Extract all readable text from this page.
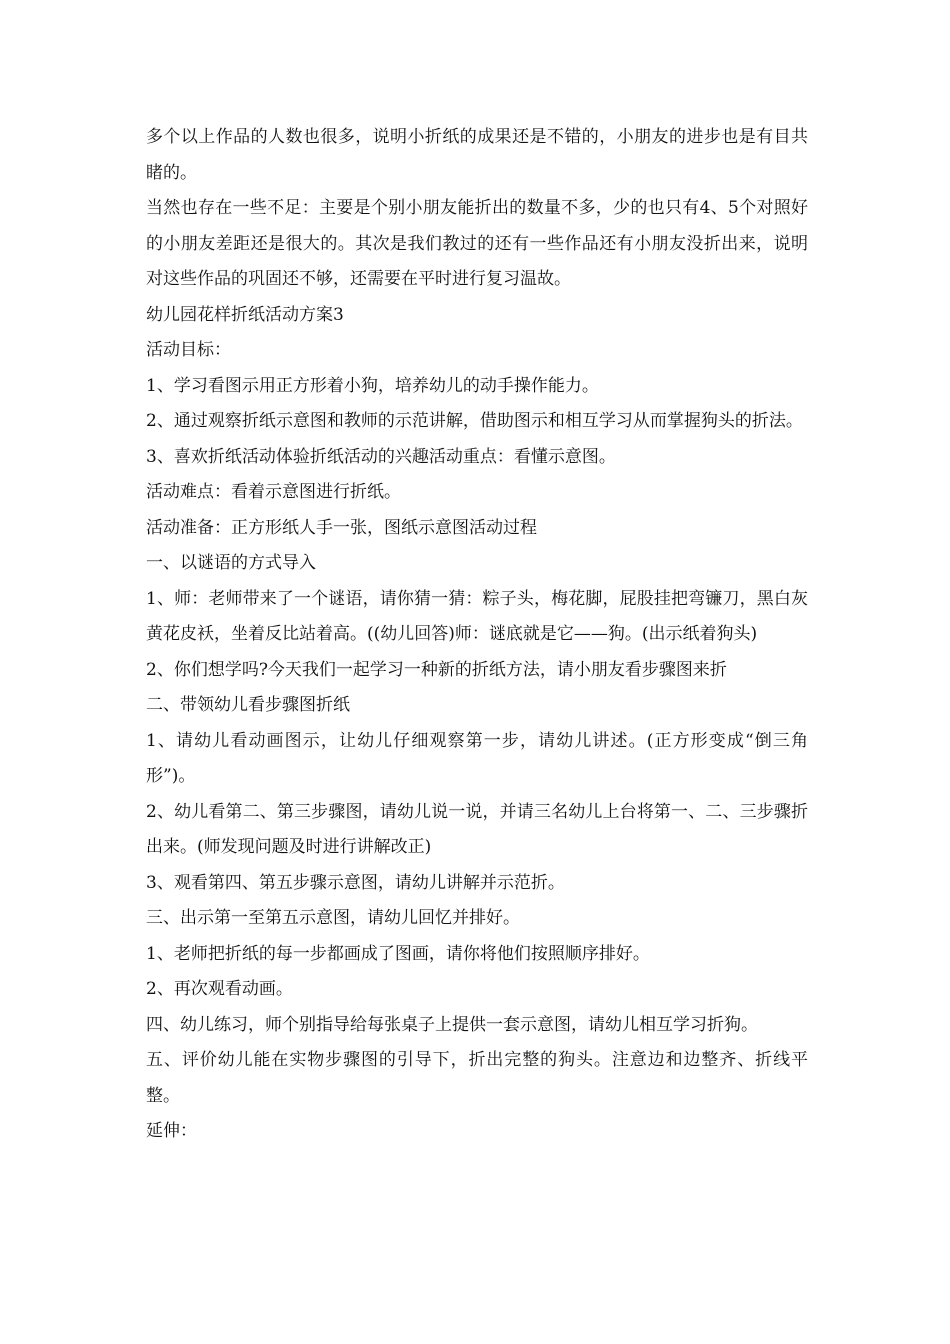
多个以上作品的人数也很多，说明小折纸的成果还是不错的，小朋友的进步也是有目共睹的。

当然也存在一些不足：主要是个别小朋友能折出的数量不多，少的也只有4、5个对照好的小朋友差距还是很大的。其次是我们教过的还有一些作品还有小朋友没折出来，说明对这些作品的巩固还不够，还需要在平时进行复习温故。

幼儿园花样折纸活动方案3

活动目标：

1、学习看图示用正方形着小狗，培养幼儿的动手操作能力。

2、通过观察折纸示意图和教师的示范讲解，借助图示和相互学习从而掌握狗头的折法。

3、喜欢折纸活动体验折纸活动的兴趣活动重点：看懂示意图。

活动难点：看着示意图进行折纸。

活动准备：正方形纸人手一张，图纸示意图活动过程

一、以谜语的方式导入

1、师：老师带来了一个谜语，请你猜一猜：粽子头，梅花脚，屁股挂把弯镰刀，黑白灰黄花皮袄，坐着反比站着高。((幼儿回答)师：谜底就是它——狗。(出示纸着狗头)

2、你们想学吗?今天我们一起学习一种新的折纸方法，请小朋友看步骤图来折

二、带领幼儿看步骤图折纸

1、请幼儿看动画图示，让幼儿仔细观察第一步，请幼儿讲述。(正方形变成“倒三角形”)。

2、幼儿看第二、第三步骤图，请幼儿说一说，并请三名幼儿上台将第一、二、三步骤折出来。(师发现问题及时进行讲解改正)

3、观看第四、第五步骤示意图，请幼儿讲解并示范折。

三、出示第一至第五示意图，请幼儿回忆并排好。

1、老师把折纸的每一步都画成了图画，请你将他们按照顺序排好。

2、再次观看动画。

四、幼儿练习，师个别指导给每张桌子上提供一套示意图，请幼儿相互学习折狗。

五、评价幼儿能在实物步骤图的引导下，折出完整的狗头。注意边和边整齐、折线平整。

延伸：
